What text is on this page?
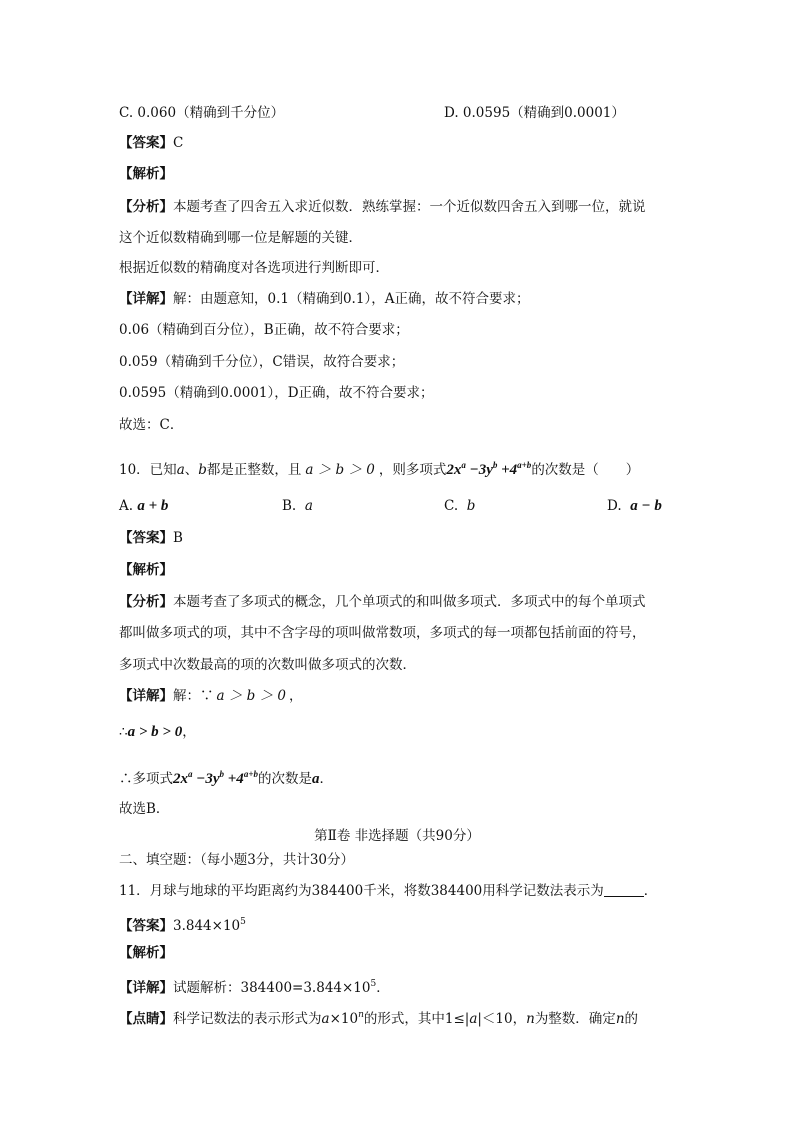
C. 0.060（精确到千分位）	D. 0.0595（精确到0.0001）
【答案】C
【解析】
【分析】本题考查了四舍五入求近似数．熟练掌握：一个近似数四舍五入到哪一位，就说
这个近似数精确到哪一位是解题的关键．
根据近似数的精确度对各选项进行判断即可．
【详解】解：由题意知，0.1（精确到0.1），A正确，故不符合要求；
0.06（精确到百分位），B正确，故不符合要求；
0.059（精确到千分位），C错误，故符合要求；
0.0595（精确到0.0001），D正确，故不符合要求；
故选：C．
10．已知a、b都是正整数，且 a ＞ b ＞ 0 ，则多项式$2x^a -3y^b +4^{a+b}$的次数是（　　）
A. a + b	B. a	C. b	D. a − b
【答案】B
【解析】
【分析】本题考查了多项式的概念，几个单项式的和叫做多项式．多项式中的每个单项式
都叫做多项式的项，其中不含字母的项叫做常数项，多项式的每一项都包括前面的符号，
多项式中次数最高的项的次数叫做多项式的次数．
【详解】解：∵ a ＞ b ＞ 0 ，
∴a > b > 0，
∴多项式$2x^a -3y^b +4^{a+b}$的次数是a．
故选B．
第Ⅱ卷 非选择题（共90分）
二、填空题：（每小题3分，共计30分）
11．月球与地球的平均距离约为384400千米，将数384400用科学记数法表示为	．
【答案】$3.844\times 10^5$
【解析】
【详解】试题解析：$384400=3.844\times 10^5$．
【点睛】科学记数法的表示形式为$a\times 10^n$的形式，其中1≤|a|＜10，n为整数．确定n的
